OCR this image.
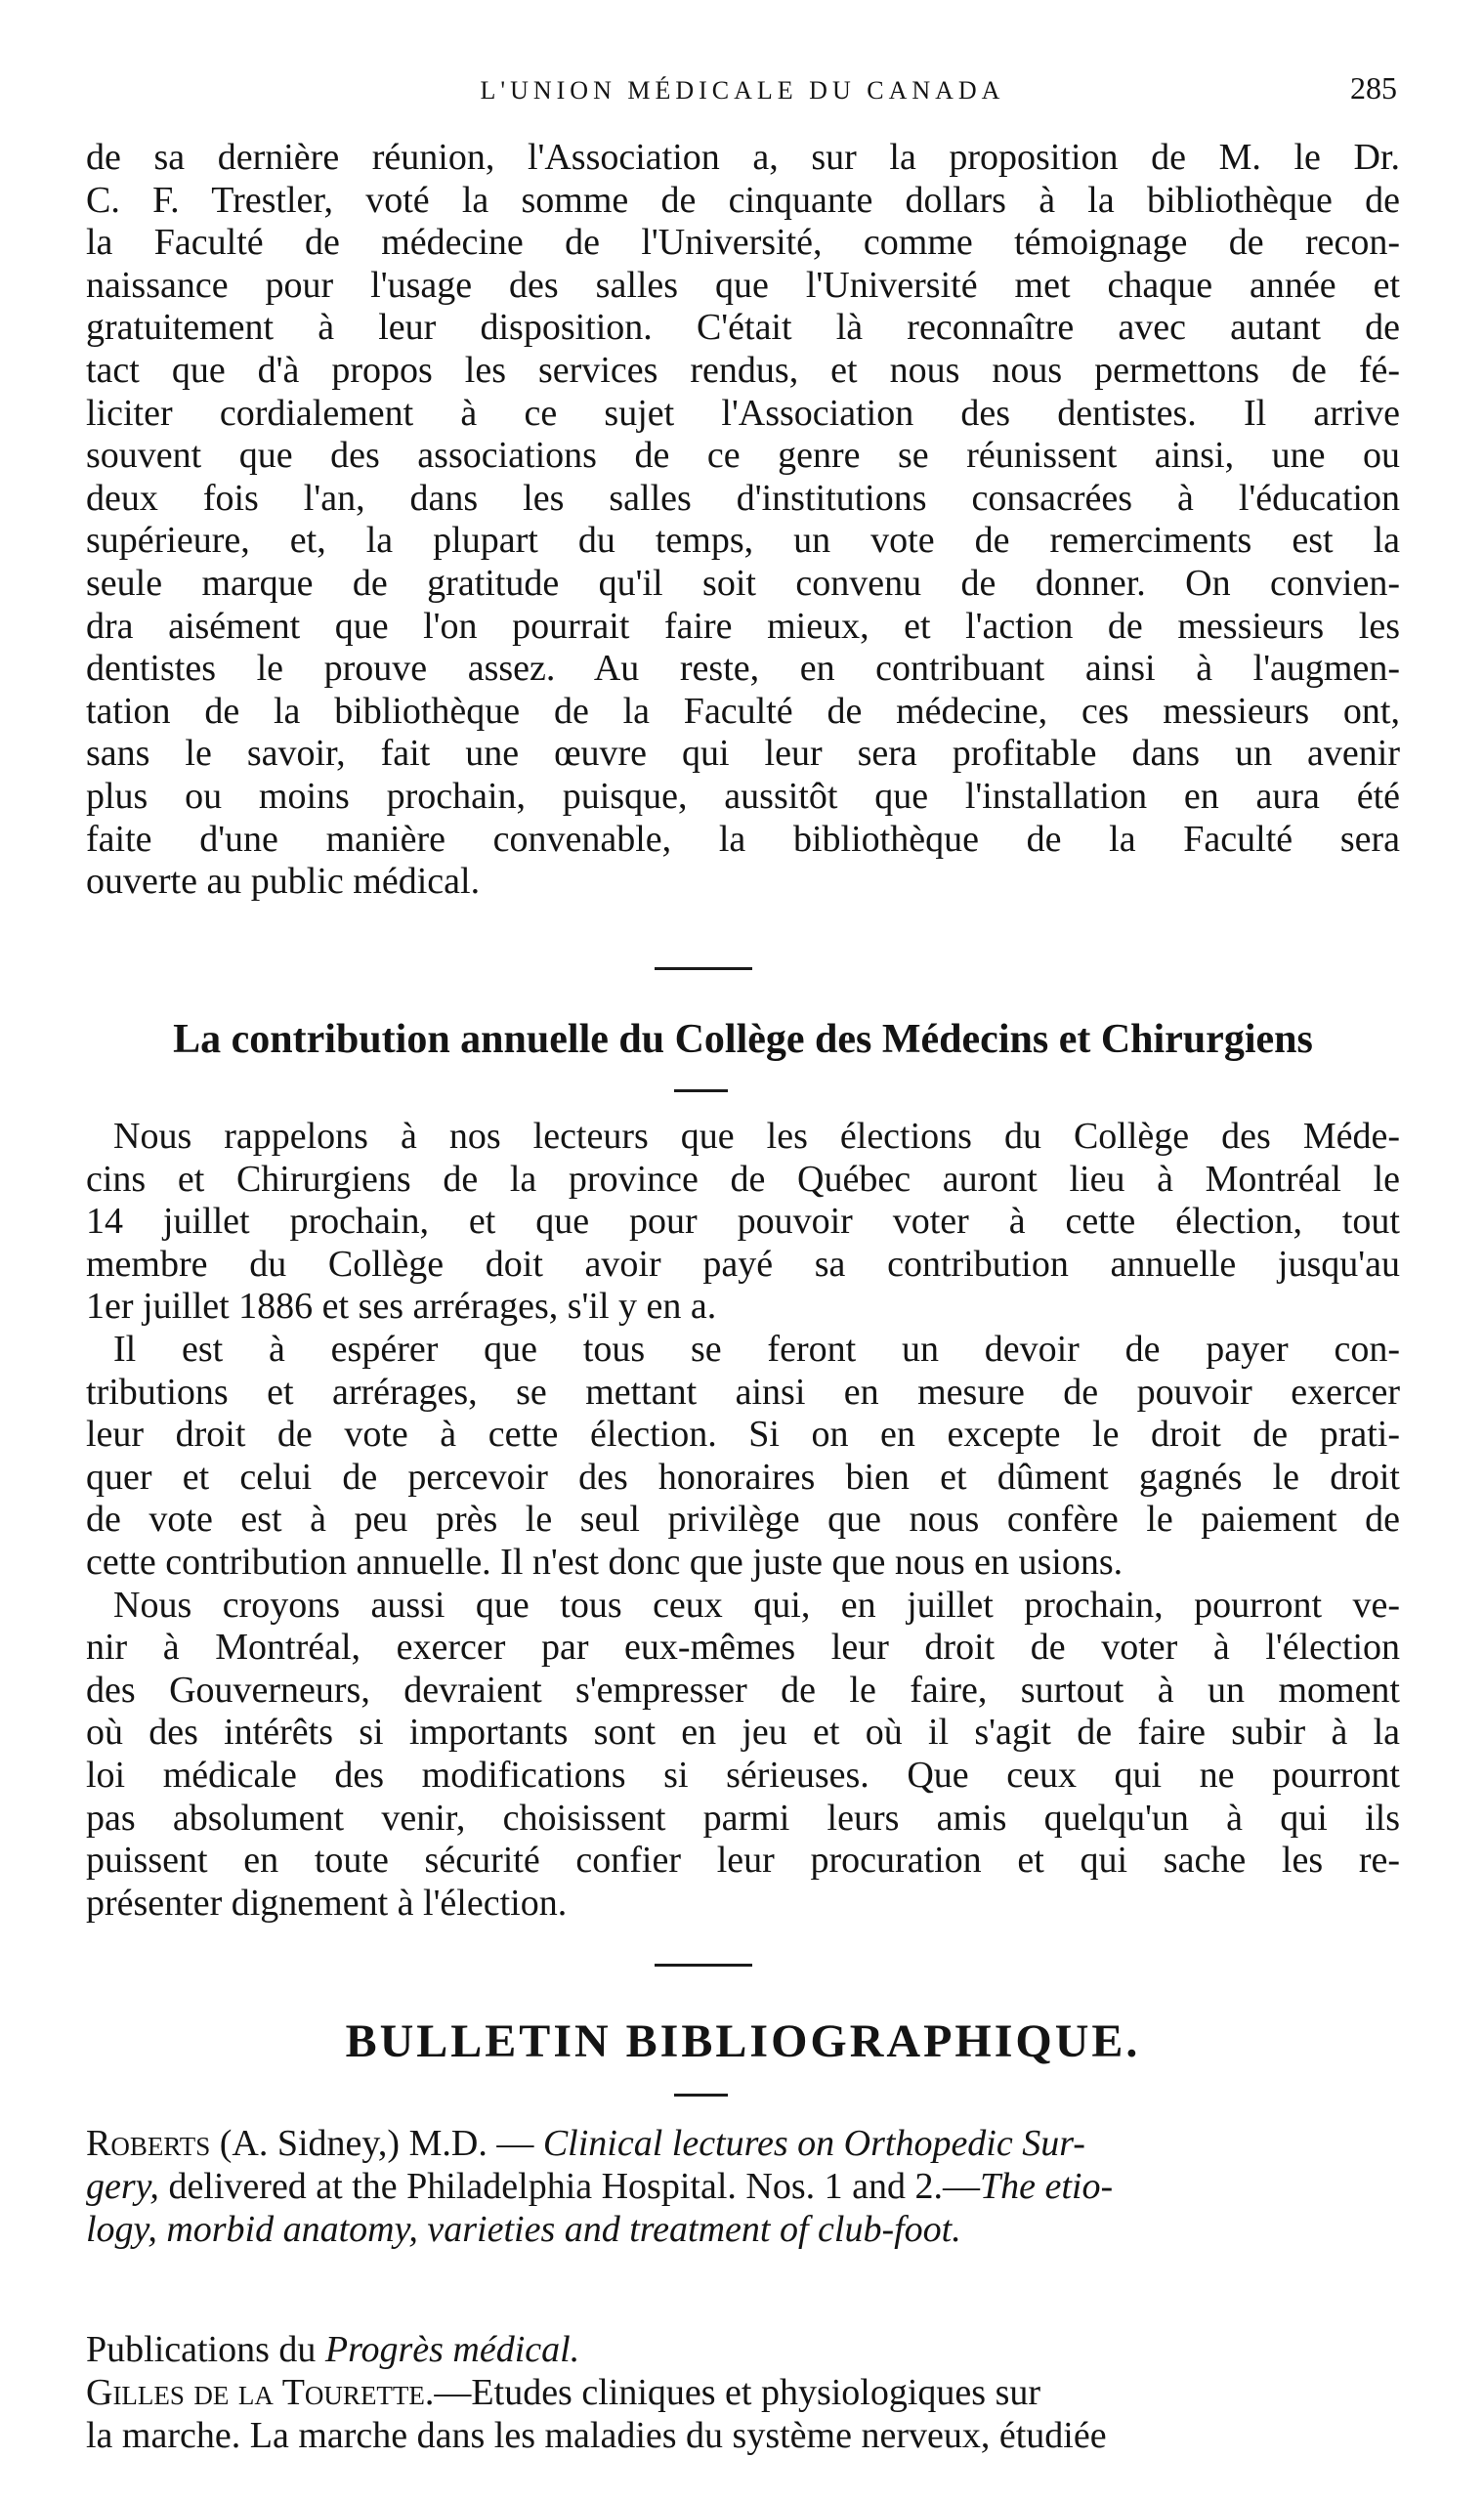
L'UNION MÉDICALE DU CANADA	285
de sa dernière réunion, l'Association a, sur la proposition de M. le Dr.
C. F. Trestler, voté la somme de cinquante dollars à la bibliothèque de
la Faculté de médecine de l'Université, comme témoignage de recon-
naissance pour l'usage des salles que l'Université met chaque année et
gratuitement à leur disposition. C'était là reconnaître avec autant de
tact que d'à propos les services rendus, et nous nous permettons de fé-
liciter cordialement à ce sujet l'Association des dentistes. Il arrive
souvent que des associations de ce genre se réunissent ainsi, une ou
deux fois l'an, dans les salles d'institutions consacrées à l'éducation
supérieure, et, la plupart du temps, un vote de remerciments est la
seule marque de gratitude qu'il soit convenu de donner. On convien-
dra aisément que l'on pourrait faire mieux, et l'action de messieurs les
dentistes le prouve assez. Au reste, en contribuant ainsi à l'augmen-
tation de la bibliothèque de la Faculté de médecine, ces messieurs ont,
sans le savoir, fait une œuvre qui leur sera profitable dans un avenir
plus ou moins prochain, puisque, aussitôt que l'installation en aura été
faite d'une manière convenable, la bibliothèque de la Faculté sera
ouverte au public médical.
La contribution annuelle du Collège des Médecins et Chirurgiens
Nous rappelons à nos lecteurs que les élections du Collège des Méde-
cins et Chirurgiens de la province de Québec auront lieu à Montréal le
14 juillet prochain, et que pour pouvoir voter à cette élection, tout
membre du Collège doit avoir payé sa contribution annuelle jusqu'au
1er juillet 1886 et ses arrérages, s'il y en a.
Il est à espérer que tous se feront un devoir de payer con-
tributions et arrérages, se mettant ainsi en mesure de pouvoir exercer
leur droit de vote à cette élection. Si on en excepte le droit de prati-
quer et celui de percevoir des honoraires bien et dûment gagnés le droit
de vote est à peu près le seul privilège que nous confère le paiement de
cette contribution annuelle. Il n'est donc que juste que nous en usions.
Nous croyons aussi que tous ceux qui, en juillet prochain, pourront ve-
nir à Montréal, exercer par eux-mêmes leur droit de voter à l'élection
des Gouverneurs, devraient s'empresser de le faire, surtout à un moment
où des intérêts si importants sont en jeu et où il s'agit de faire subir à la
loi médicale des modifications si sérieuses. Que ceux qui ne pourront
pas absolument venir, choisissent parmi leurs amis quelqu'un à qui ils
puissent en toute sécurité confier leur procuration et qui sache les re-
présenter dignement à l'élection.
BULLETIN BIBLIOGRAPHIQUE.
Roberts (A. Sidney,) M.D. — Clinical lectures on Orthopedic Sur-
gery, delivered at the Philadelphia Hospital. Nos. 1 and 2.—The etio-
logy, morbid anatomy, varieties and treatment of club-foot.
Publications du Progrès médical.
Gilles de la Tourette.—Etudes cliniques et physiologiques sur
la marche. La marche dans les maladies du système nerveux, étudiée
